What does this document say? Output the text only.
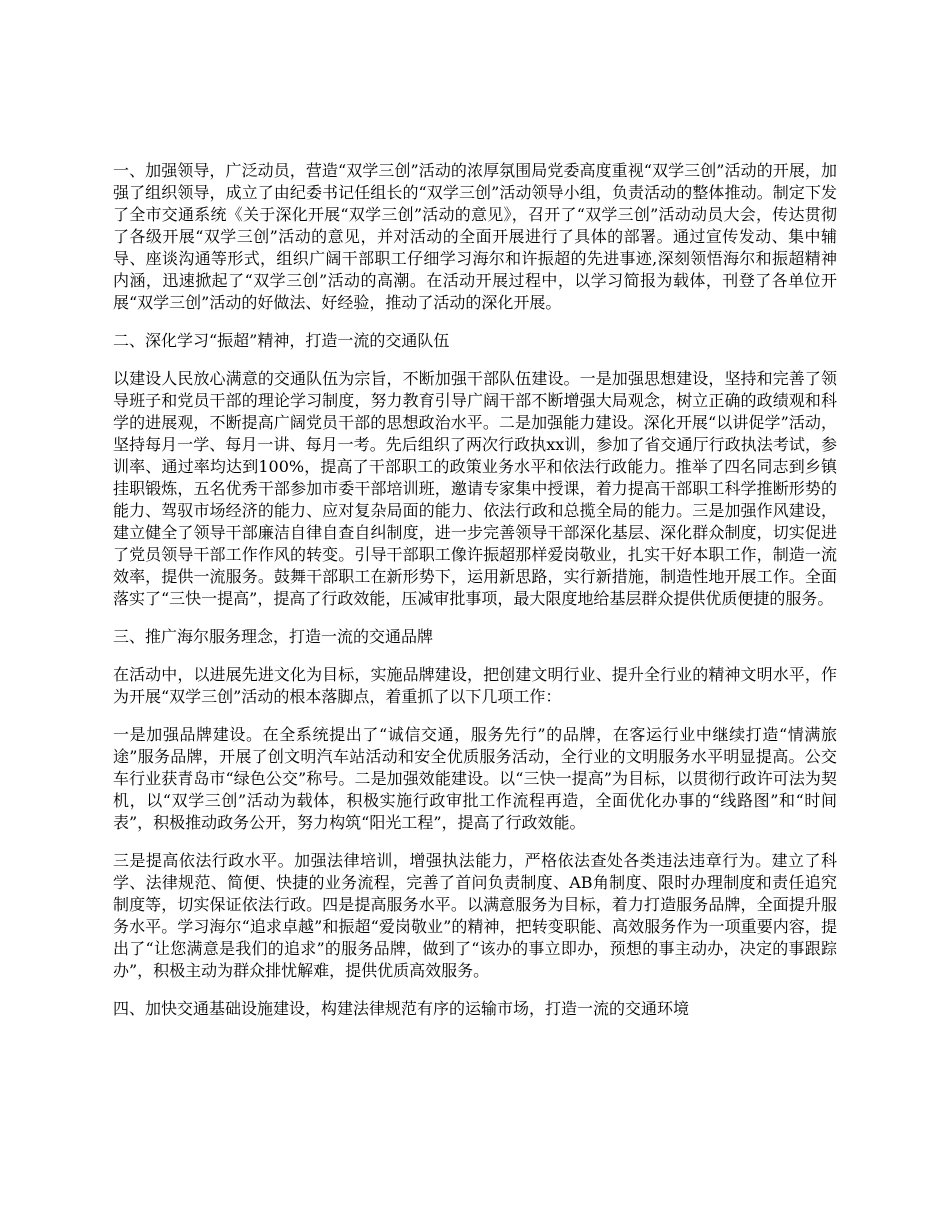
一、加强领导，广泛动员，营造“双学三创”活动的浓厚氛围局党委高度重视“双学三创”活动的开展，加强了组织领导，成立了由纪委书记任组长的“双学三创”活动领导小组，负责活动的整体推动。制定下发了全市交通系统《关于深化开展“双学三创”活动的意见》，召开了“双学三创”活动动员大会，传达贯彻了各级开展“双学三创”活动的意见，并对活动的全面开展进行了具体的部署。通过宣传发动、集中辅导、座谈沟通等形式，组织广阔干部职工仔细学习海尔和许振超的先进事迹,深刻领悟海尔和振超精神内涵，迅速掀起了“双学三创”活动的高潮。在活动开展过程中，以学习简报为载体，刊登了各单位开展“双学三创”活动的好做法、好经验，推动了活动的深化开展。

二、深化学习“振超”精神，打造一流的交通队伍

以建设人民放心满意的交通队伍为宗旨，不断加强干部队伍建设。一是加强思想建设，坚持和完善了领导班子和党员干部的理论学习制度，努力教育引导广阔干部不断增强大局观念，树立正确的政绩观和科学的进展观，不断提高广阔党员干部的思想政治水平。二是加强能力建设。深化开展“以讲促学”活动，坚持每月一学、每月一讲、每月一考。先后组织了两次行政执xx训，参加了省交通厅行政执法考试，参训率、通过率均达到100%，提高了干部职工的政策业务水平和依法行政能力。推举了四名同志到乡镇挂职锻炼，五名优秀干部参加市委干部培训班，邀请专家集中授课，着力提高干部职工科学推断形势的能力、驾驭市场经济的能力、应对复杂局面的能力、依法行政和总揽全局的能力。三是加强作风建设，建立健全了领导干部廉洁自律自查自纠制度，进一步完善领导干部深化基层、深化群众制度，切实促进了党员领导干部工作作风的转变。引导干部职工像许振超那样爱岗敬业，扎实干好本职工作，制造一流效率，提供一流服务。鼓舞干部职工在新形势下，运用新思路，实行新措施，制造性地开展工作。全面落实了“三快一提高”，提高了行政效能，压减审批事项，最大限度地给基层群众提供优质便捷的服务。

三、推广海尔服务理念，打造一流的交通品牌

在活动中，以进展先进文化为目标，实施品牌建设，把创建文明行业、提升全行业的精神文明水平，作为开展“双学三创”活动的根本落脚点，着重抓了以下几项工作：

一是加强品牌建设。在全系统提出了“诚信交通，服务先行”的品牌，在客运行业中继续打造“情满旅途”服务品牌，开展了创文明汽车站活动和安全优质服务活动，全行业的文明服务水平明显提高。公交车行业获青岛市“绿色公交”称号。二是加强效能建设。以“三快一提高”为目标，以贯彻行政许可法为契机，以“双学三创”活动为载体，积极实施行政审批工作流程再造，全面优化办事的“线路图”和“时间表”，积极推动政务公开，努力构筑“阳光工程”，提高了行政效能。

三是提高依法行政水平。加强法律培训，增强执法能力，严格依法查处各类违法违章行为。建立了科学、法律规范、简便、快捷的业务流程，完善了首问负责制度、AB角制度、限时办理制度和责任追究制度等，切实保证依法行政。四是提高服务水平。以满意服务为目标，着力打造服务品牌，全面提升服务水平。学习海尔“追求卓越”和振超“爱岗敬业”的精神，把转变职能、高效服务作为一项重要内容，提出了“让您满意是我们的追求”的服务品牌，做到了“该办的事立即办，预想的事主动办，决定的事跟踪办”，积极主动为群众排忧解难，提供优质高效服务。

四、加快交通基础设施建设，构建法律规范有序的运输市场，打造一流的交通环境
